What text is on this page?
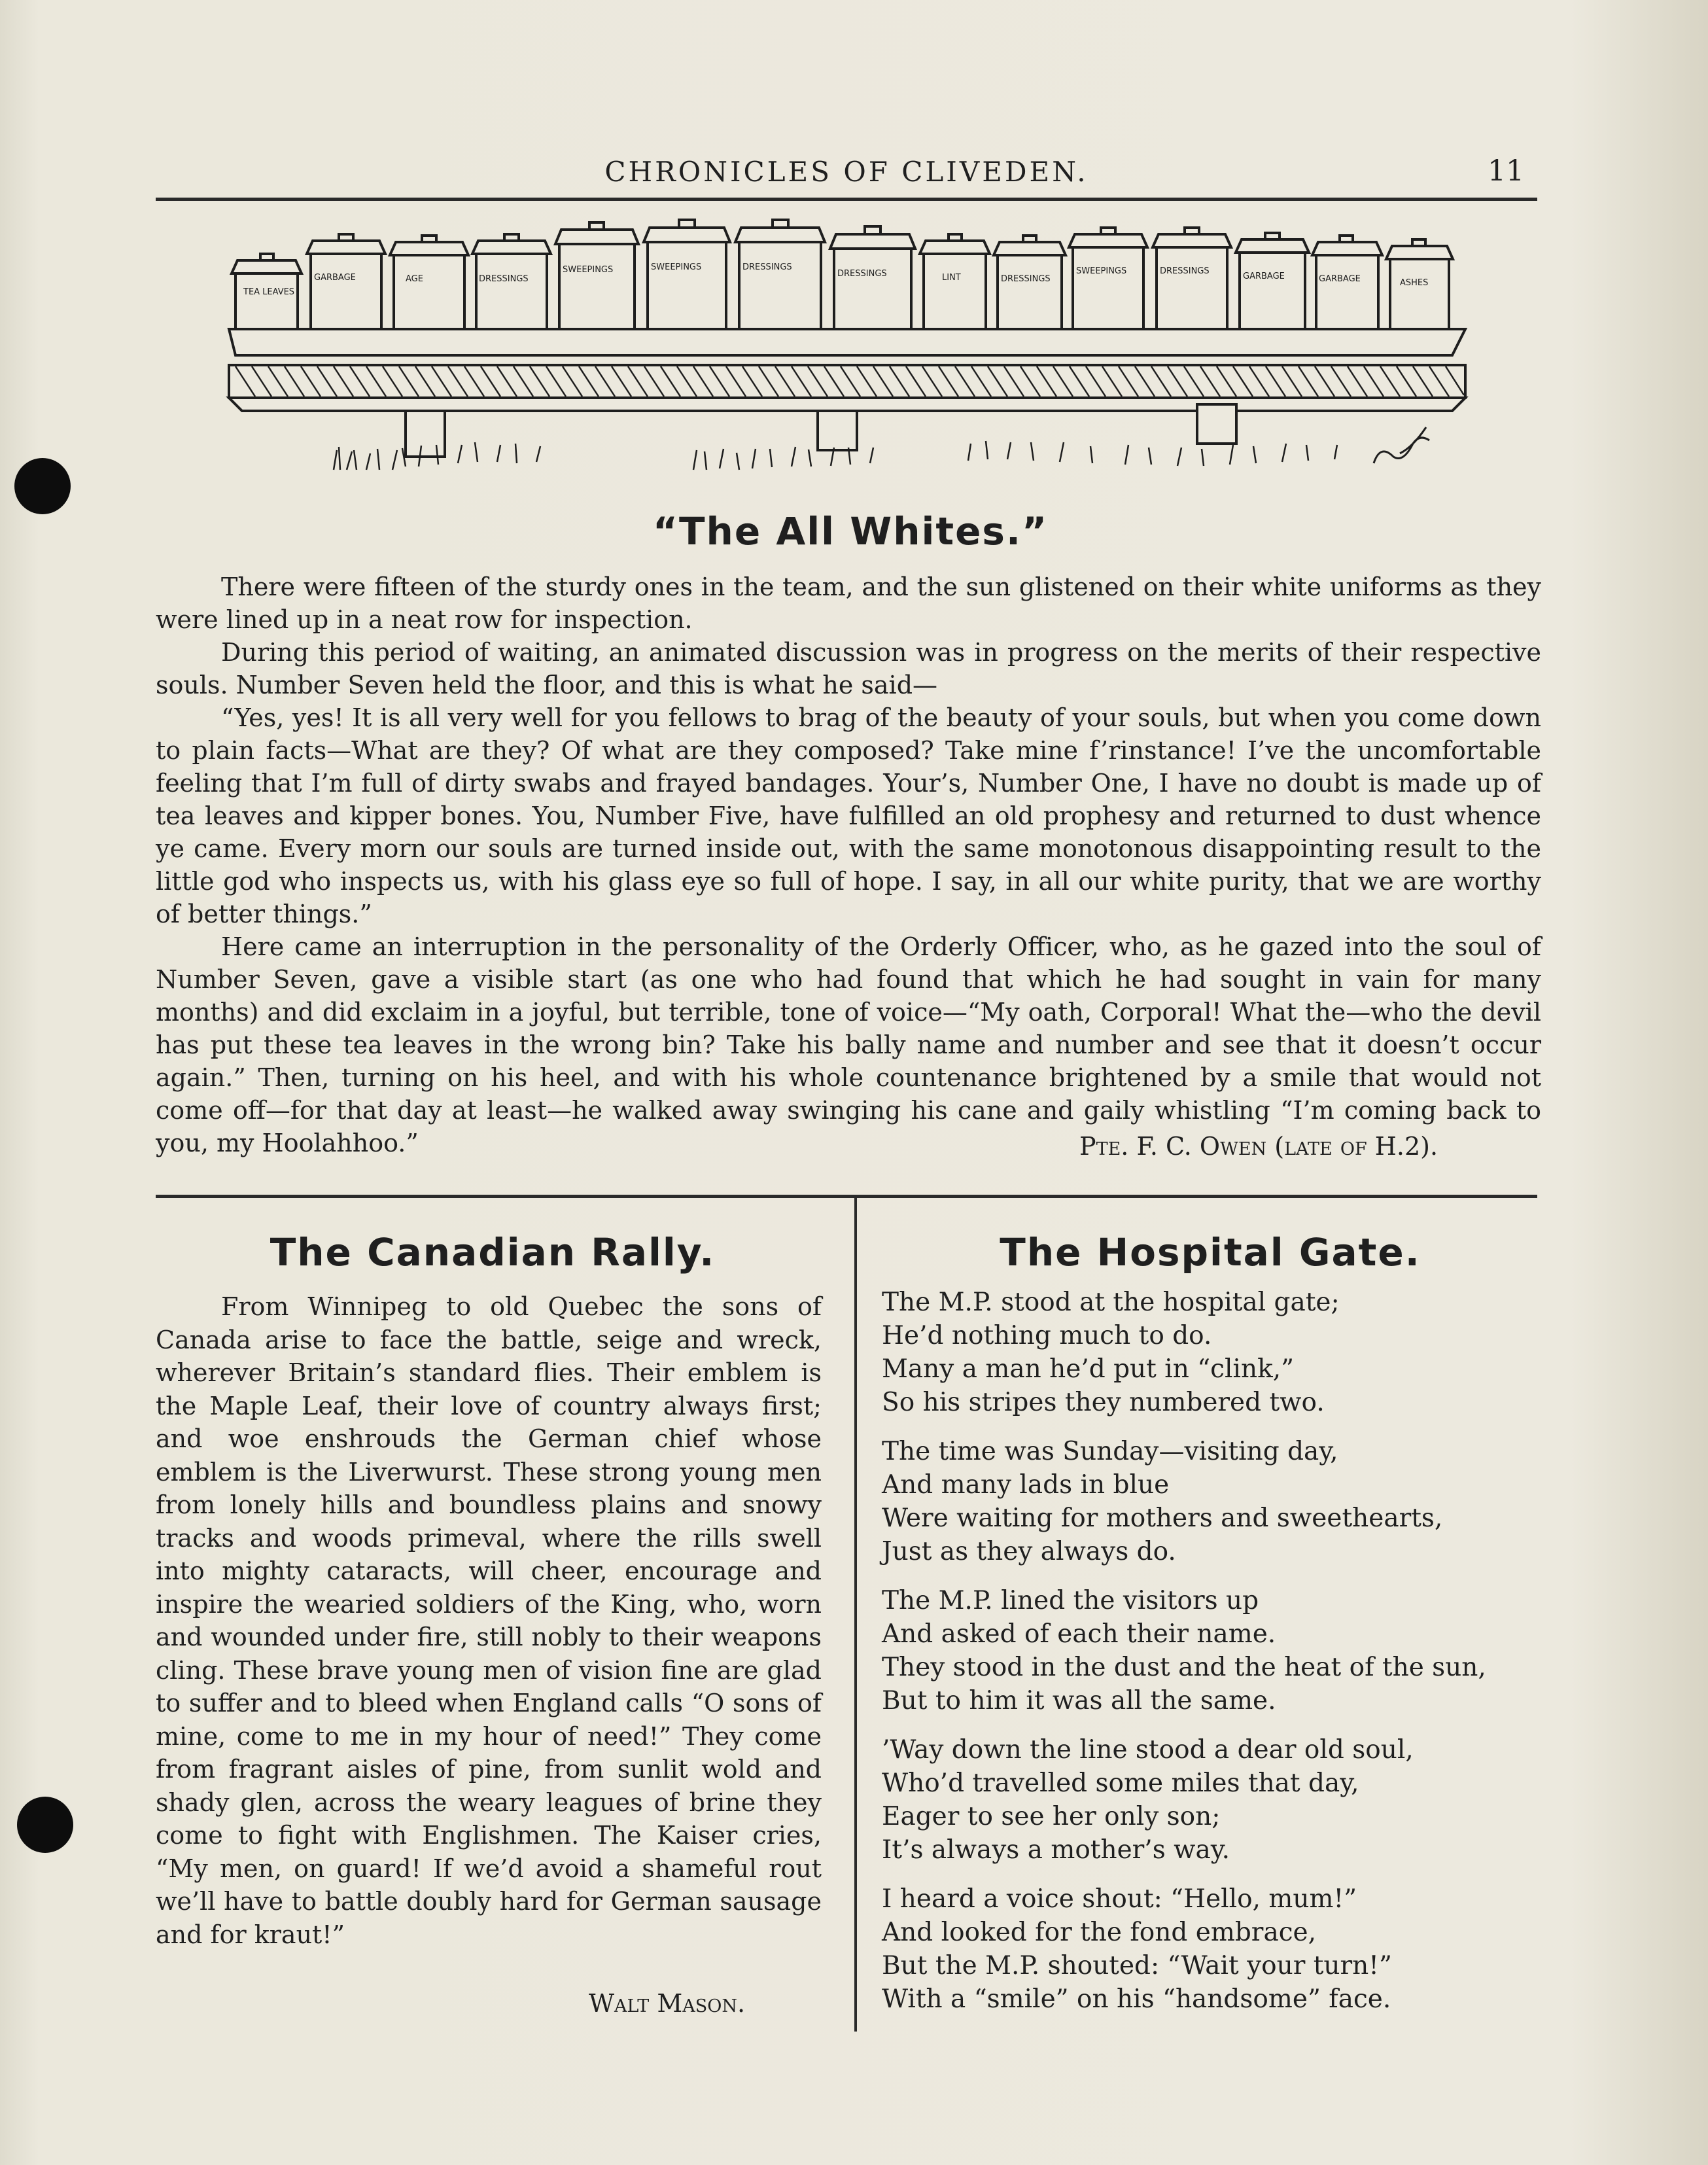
CHRONICLES OF CLIVEDEN.	11
TEA LEAVES
GARBAGE	AGE	DRESSINGS
SWEEPINGS	SWEEPINGS	DRESSINGS
DRESSINGS	LINT	DRESSINGS
SWEEPINGS	DRESSINGS
GARBAGE	GARBAGE	ASHES
“The All Whites.”

There were fifteen of the sturdy ones in the team, and the sun glistened on their white uniforms as they were lined up in a neat row for inspection.

During this period of waiting, an animated discussion was in progress on the merits of their respective souls. Number Seven held the floor, and this is what he said—

“Yes, yes! It is all very well for you fellows to brag of the beauty of your souls, but when you come down to plain facts—What are they? Of what are they composed? Take mine f’rinstance! I’ve the uncomfortable feeling that I’m full of dirty swabs and frayed bandages. Your’s, Number One, I have no doubt is made up of tea leaves and kipper bones. You, Number Five, have fulfilled an old prophesy and returned to dust whence ye came. Every morn our souls are turned inside out, with the same monotonous disappointing result to the little god who inspects us, with his glass eye so full of hope. I say, in all our white purity, that we are worthy of better things.”

Here came an interruption in the personality of the Orderly Officer, who, as he gazed into the soul of Number Seven, gave a visible start (as one who had found that which he had sought in vain for many months) and did exclaim in a joyful, but terrible, tone of voice—“My oath, Corporal! What the—who the devil has put these tea leaves in the wrong bin? Take his bally name and number and see that it doesn’t occur again.” Then, turning on his heel, and with his whole countenance brightened by a smile that would not come off—for that day at least—he walked away swinging his cane and gaily whistling “I’m coming back to you, my Hoolahhoo.”	Pte. F. C. Owen (late of H.2).
The Canadian Rally.

From Winnipeg to old Quebec the sons of Canada arise to face the battle, seige and wreck, wherever Britain’s standard flies. Their emblem is the Maple Leaf, their love of country always first; and woe enshrouds the German chief whose emblem is the Liverwurst. These strong young men from lonely hills and boundless plains and snowy tracks and woods primeval, where the rills swell into mighty cataracts, will cheer, encourage and inspire the wearied soldiers of the King, who, worn and wounded under fire, still nobly to their weapons cling. These brave young men of vision fine are glad to suffer and to bleed when England calls “O sons of mine, come to me in my hour of need!” They come from fragrant aisles of pine, from sunlit wold and shady glen, across the weary leagues of brine they come to fight with Englishmen. The Kaiser cries, “My men, on guard! If we’d avoid a shameful rout we’ll have to battle doubly hard for German sausage and for kraut!”

Walt Mason.
The Hospital Gate.
The M.P. stood at the hospital gate;
He’d nothing much to do.
Many a man he’d put in “clink,”
So his stripes they numbered two.
The time was Sunday—visiting day,
And many lads in blue
Were waiting for mothers and sweethearts,
Just as they always do.
The M.P. lined the visitors up
And asked of each their name.
They stood in the dust and the heat of the sun,
But to him it was all the same.
’Way down the line stood a dear old soul,
Who’d travelled some miles that day,
Eager to see her only son;
It’s always a mother’s way.
I heard a voice shout: “Hello, mum!”
And looked for the fond embrace,
But the M.P. shouted: “Wait your turn!”
With a “smile” on his “handsome” face.
